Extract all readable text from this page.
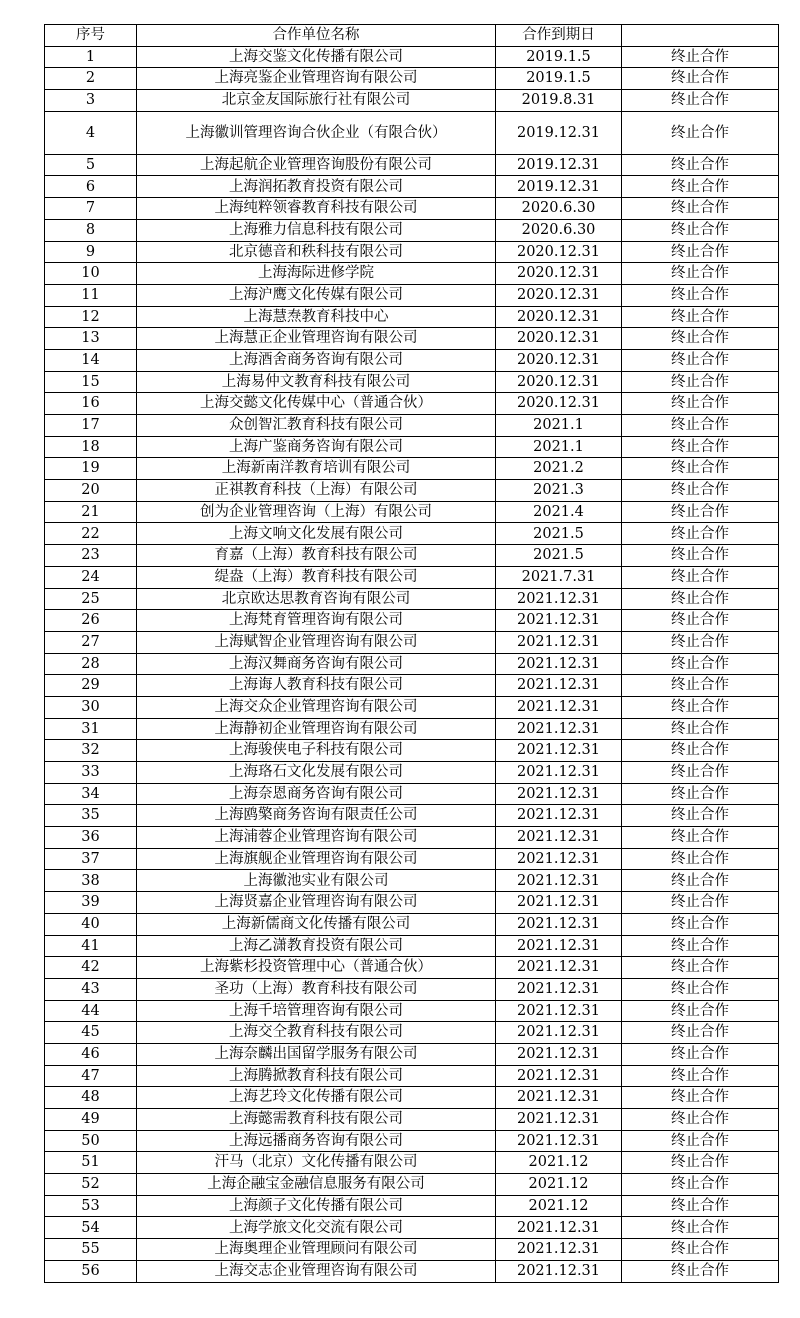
序号	合作单位名称	合作到期日	
1	上海交鉴文化传播有限公司	2019.1.5	终止合作
2	上海亮鉴企业管理咨询有限公司	2019.1.5	终止合作
3	北京金友国际旅行社有限公司	2019.8.31	终止合作
4	上海徽训管理咨询合伙企业（有限合伙）	2019.12.31	终止合作
5	上海起航企业管理咨询股份有限公司	2019.12.31	终止合作
6	上海润拓教育投资有限公司	2019.12.31	终止合作
7	上海纯粹领睿教育科技有限公司	2020.6.30	终止合作
8	上海雅力信息科技有限公司	2020.6.30	终止合作
9	北京德音和秩科技有限公司	2020.12.31	终止合作
10	上海海际进修学院	2020.12.31	终止合作
11	上海沪鹰文化传媒有限公司	2020.12.31	终止合作
12	上海慧焘教育科技中心	2020.12.31	终止合作
13	上海慧正企业管理咨询有限公司	2020.12.31	终止合作
14	上海酒舍商务咨询有限公司	2020.12.31	终止合作
15	上海易仲文教育科技有限公司	2020.12.31	终止合作
16	上海交懿文化传媒中心（普通合伙）	2020.12.31	终止合作
17	众创智汇教育科技有限公司	2021.1	终止合作
18	上海广鉴商务咨询有限公司	2021.1	终止合作
19	上海新南洋教育培训有限公司	2021.2	终止合作
20	正祺教育科技（上海）有限公司	2021.3	终止合作
21	创为企业管理咨询（上海）有限公司	2021.4	终止合作
22	上海文响文化发展有限公司	2021.5	终止合作
23	育嘉（上海）教育科技有限公司	2021.5	终止合作
24	缇盎（上海）教育科技有限公司	2021.7.31	终止合作
25	北京欧达思教育咨询有限公司	2021.12.31	终止合作
26	上海梵育管理咨询有限公司	2021.12.31	终止合作
27	上海赋智企业管理咨询有限公司	2021.12.31	终止合作
28	上海汉舞商务咨询有限公司	2021.12.31	终止合作
29	上海诲人教育科技有限公司	2021.12.31	终止合作
30	上海交众企业管理咨询有限公司	2021.12.31	终止合作
31	上海静初企业管理咨询有限公司	2021.12.31	终止合作
32	上海骏侠电子科技有限公司	2021.12.31	终止合作
33	上海珞石文化发展有限公司	2021.12.31	终止合作
34	上海奈恩商务咨询有限公司	2021.12.31	终止合作
35	上海鸥檠商务咨询有限责任公司	2021.12.31	终止合作
36	上海浦蓉企业管理咨询有限公司	2021.12.31	终止合作
37	上海旗舰企业管理咨询有限公司	2021.12.31	终止合作
38	上海徽池实业有限公司	2021.12.31	终止合作
39	上海贤嘉企业管理咨询有限公司	2021.12.31	终止合作
40	上海新儒商文化传播有限公司	2021.12.31	终止合作
41	上海乙潇教育投资有限公司	2021.12.31	终止合作
42	上海紫杉投资管理中心（普通合伙）	2021.12.31	终止合作
43	圣功（上海）教育科技有限公司	2021.12.31	终止合作
44	上海千培管理咨询有限公司	2021.12.31	终止合作
45	上海交仝教育科技有限公司	2021.12.31	终止合作
46	上海奈麟出国留学服务有限公司	2021.12.31	终止合作
47	上海腾掀教育科技有限公司	2021.12.31	终止合作
48	上海艺玲文化传播有限公司	2021.12.31	终止合作
49	上海懿需教育科技有限公司	2021.12.31	终止合作
50	上海远播商务咨询有限公司	2021.12.31	终止合作
51	汗马（北京）文化传播有限公司	2021.12	终止合作
52	上海企融宝金融信息服务有限公司	2021.12	终止合作
53	上海颜子文化传播有限公司	2021.12	终止合作
54	上海学旅文化交流有限公司	2021.12.31	终止合作
55	上海奥理企业管理顾问有限公司	2021.12.31	终止合作
56	上海交志企业管理咨询有限公司	2021.12.31	终止合作
